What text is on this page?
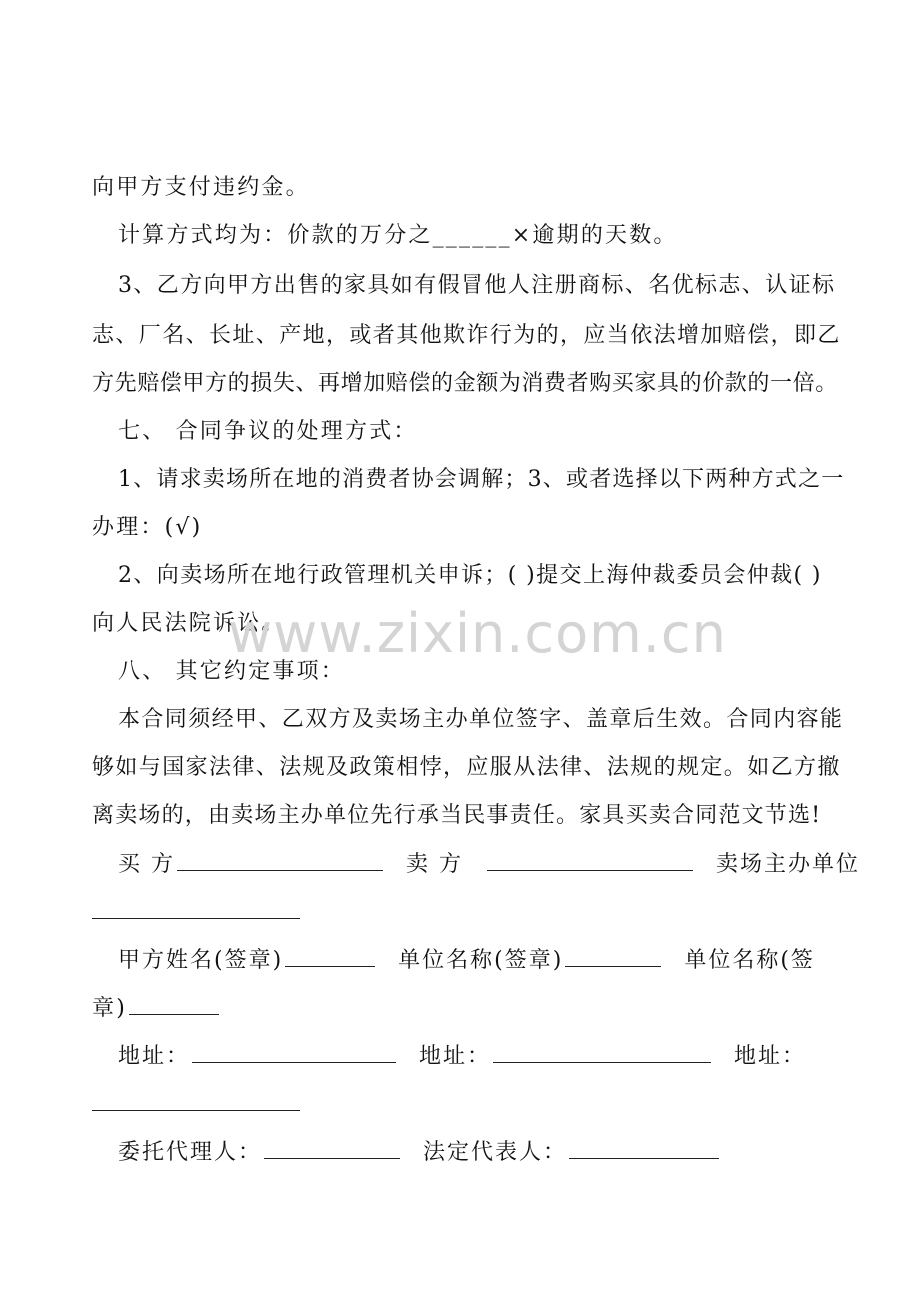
向甲方支付违约金。
计算方式均为：价款的万分之______×逾期的天数。
3、乙方向甲方出售的家具如有假冒他人注册商标、名优标志、认证标
志、厂名、长址、产地，或者其他欺诈行为的，应当依法增加赔偿，即乙
方先赔偿甲方的损失、再增加赔偿的金额为消费者购买家具的价款的一倍。
七、 合同争议的处理方式：
1、请求卖场所在地的消费者协会调解；3、或者选择以下两种方式之一
办理：(√)
2、向卖场所在地行政管理机关申诉；( )提交上海仲裁委员会仲裁( )
向人民法院诉讼。
八、 其它约定事项：
本合同须经甲、乙双方及卖场主办单位签字、盖章后生效。合同内容能
够如与国家法律、法规及政策相悖，应服从法律、法规的规定。如乙方撤
离卖场的，由卖场主办单位先行承当民事责任。家具买卖合同范文节选!
买 方	卖 方	卖场主办单位
甲方姓名(签章)	单位名称(签章)	单位名称(签
章)
地址：	地址：	地址：
委托代理人：	法定代表人：
www.zixin.com.cn
